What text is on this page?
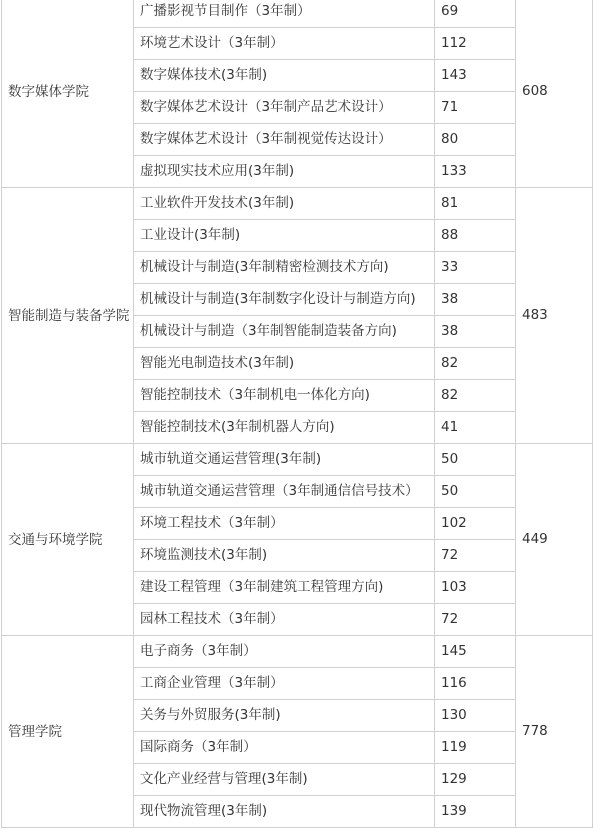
数字媒体学院	广播影视节目制作（3年制）	69	608
	环境艺术设计（3年制）	112	
	数字媒体技术(3年制)	143	
	数字媒体艺术设计（3年制产品艺术设计）	71	
	数字媒体艺术设计（3年制视觉传达设计）	80	
	虚拟现实技术应用(3年制)	133	
智能制造与装备学院	工业软件开发技术(3年制)	81	483
	工业设计(3年制)	88	
	机械设计与制造(3年制精密检测技术方向)	33	
	机械设计与制造(3年制数字化设计与制造方向)	38	
	机械设计与制造（3年制智能制造装备方向)	38	
	智能光电制造技术(3年制)	82	
	智能控制技术（3年制机电一体化方向)	82	
	智能控制技术(3年制机器人方向)	41	
交通与环境学院	城市轨道交通运营管理(3年制)	50	449
	城市轨道交通运营管理（3年制通信信号技术）	50	
	环境工程技术（3年制）	102	
	环境监测技术(3年制)	72	
	建设工程管理（3年制建筑工程管理方向)	103	
	园林工程技术（3年制）	72	
管理学院	电子商务（3年制）	145	778
	工商企业管理（3年制）	116	
	关务与外贸服务(3年制)	130	
	国际商务（3年制）	119	
	文化产业经营与管理(3年制)	129	
	现代物流管理(3年制)	139	
